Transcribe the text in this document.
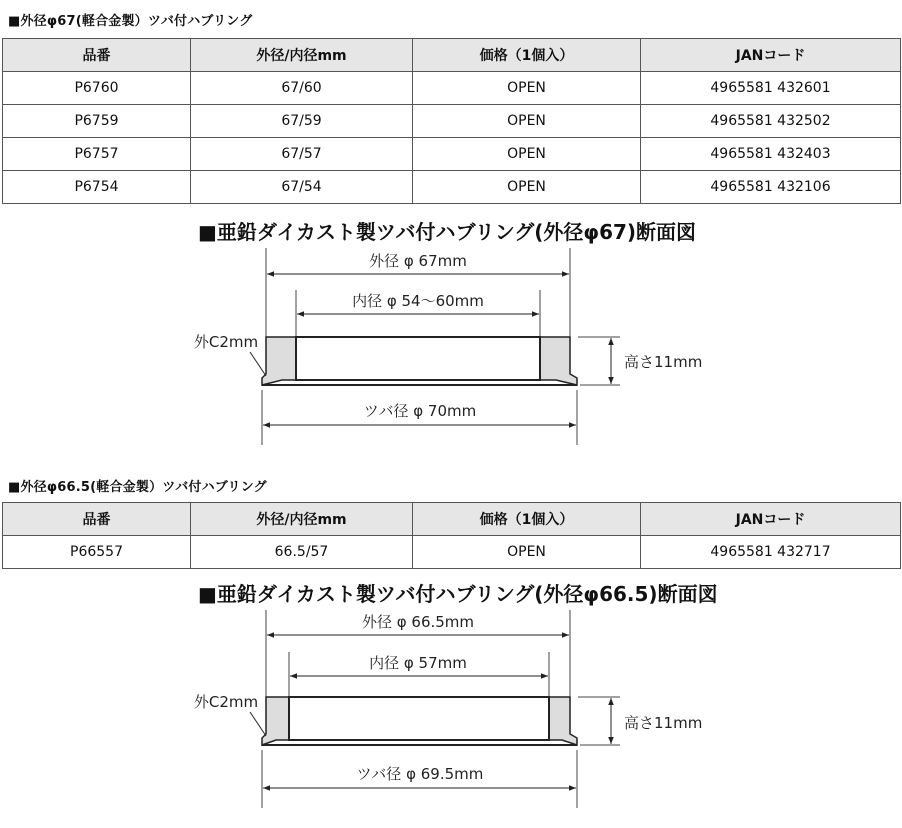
■外径φ67(軽合金製）ツバ付ハブリング
品番	外径/内径mm	価格（1個入）	JANコード
P6760	67/60	OPEN	4965581 432601
P6759	67/59	OPEN	4965581 432502
P6757	67/57	OPEN	4965581 432403
P6754	67/54	OPEN	4965581 432106
■亜鉛ダイカスト製ツバ付ハブリング(外径φ67)断面図
外径 φ 67mm
内径 φ 54～60mm
外C2mm
高さ11mm
ツバ径 φ 70mm
■外径φ66.5(軽合金製）ツバ付ハブリング
品番	外径/内径mm	価格（1個入）	JANコード
P66557	66.5/57	OPEN	4965581 432717
■亜鉛ダイカスト製ツバ付ハブリング(外径φ66.5)断面図
外径 φ 66.5mm
内径 φ 57mm
外C2mm
高さ11mm
ツバ径 φ 69.5mm
